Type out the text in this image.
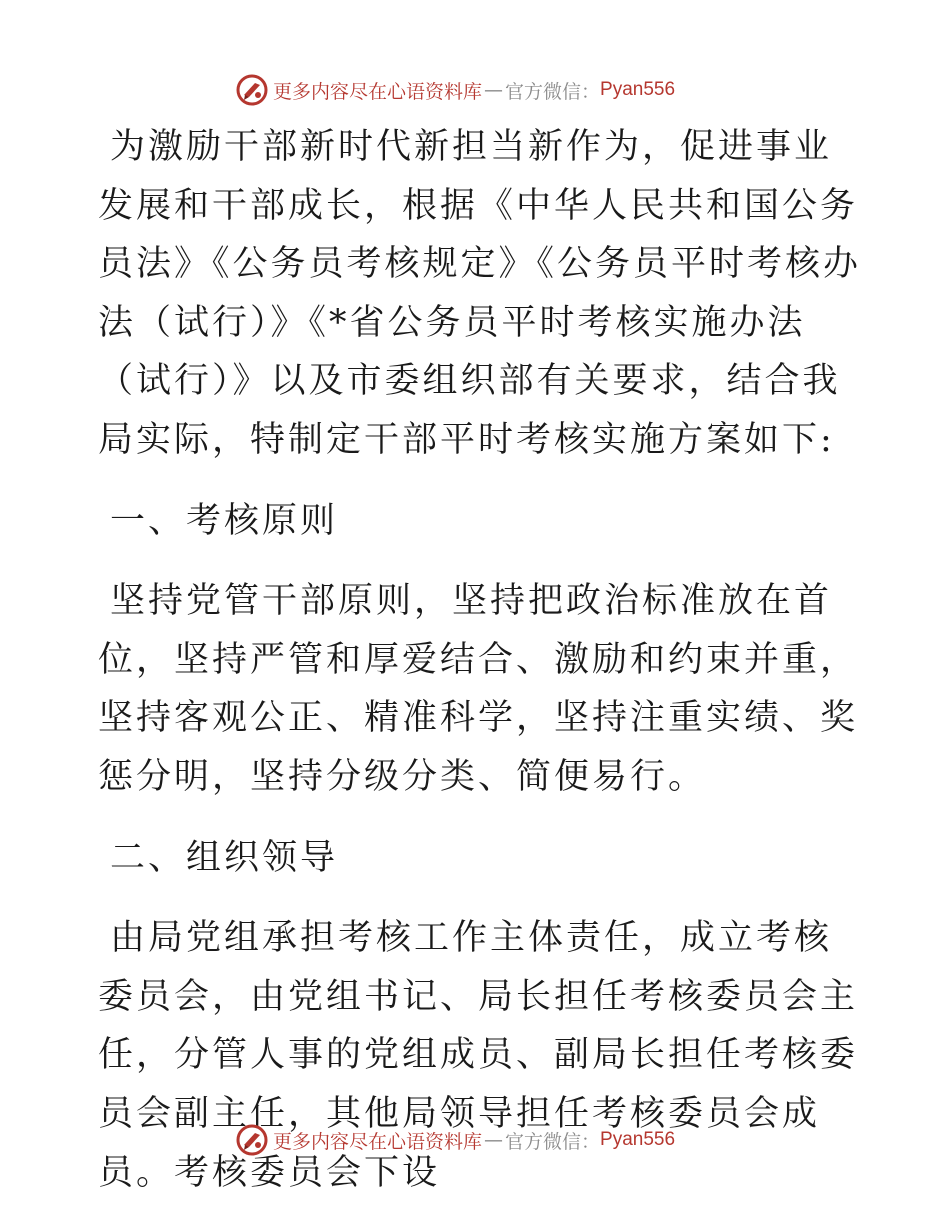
更多内容尽在心语资料库 — 官方微信： Pyan556

为激励干部新时代新担当新作为，促进事业发展和干部成长，根据《中华人民共和国公务员法》《公务员考核规定》《公务员平时考核办法（试行）》《*省公务员平时考核实施办法（试行）》以及市委组织部有关要求，结合我局实际，特制定干部平时考核实施方案如下:

一、考核原则

坚持党管干部原则，坚持把政治标准放在首位，坚持严管和厚爱结合、激励和约束并重，坚持客观公正、精准科学，坚持注重实绩、奖惩分明，坚持分级分类、简便易行。

二、组织领导

由局党组承担考核工作主体责任，成立考核委员会，由党组书记、局长担任考核委员会主任，分管人事的党组成员、副局长担任考核委员会副主任，其他局领导担任考核委员会成员。考核委员会下设

更多内容尽在心语资料库 — 官方微信： Pyan556
